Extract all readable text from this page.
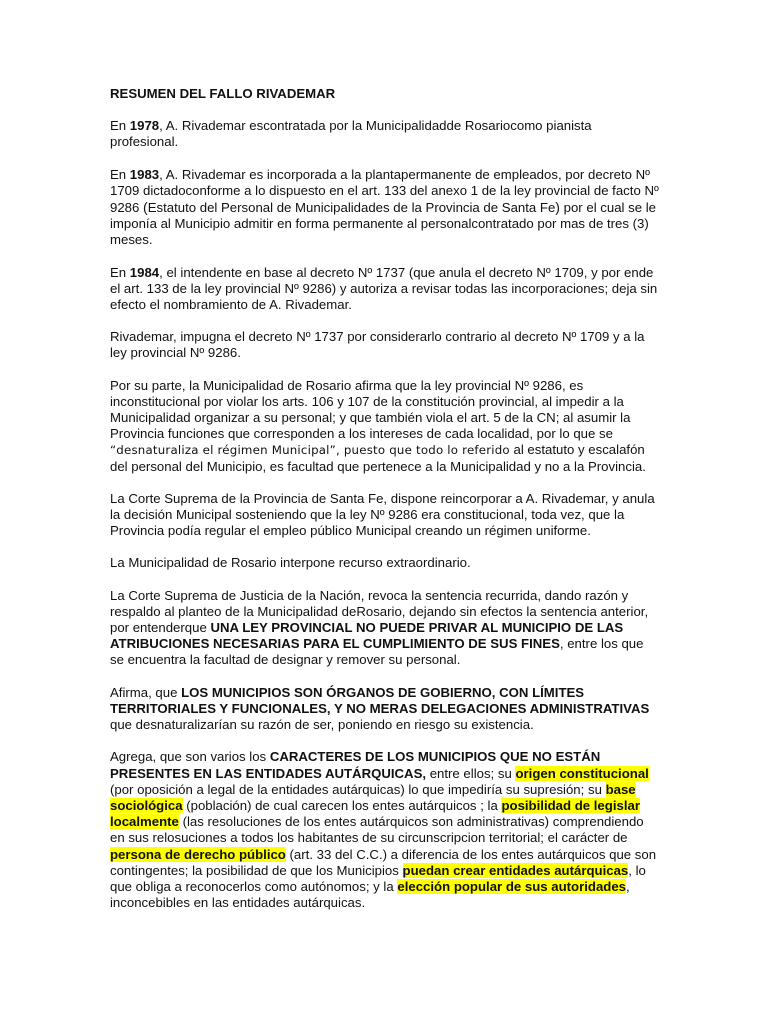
RESUMEN DEL FALLO RIVADEMAR

En 1978, A. Rivademar escontratada por la Municipalidadde Rosariocomo pianista profesional.

En 1983, A. Rivademar es incorporada a la plantapermanente de empleados, por decreto Nº 1709 dictadoconforme a lo dispuesto en el art. 133 del anexo 1 de la ley provincial de facto Nº 9286 (Estatuto del Personal de Municipalidades de la Provincia de Santa Fe) por el cual se le imponía al Municipio admitir en forma permanente al personalcontratado por mas de tres (3) meses.

En 1984, el intendente en base al decreto Nº 1737 (que anula el decreto Nº 1709, y por ende el art. 133 de la ley provincial Nº 9286) y autoriza a revisar todas las incorporaciones; deja sin efecto el nombramiento de A. Rivademar.

Rivademar, impugna el decreto Nº 1737 por considerarlo contrario al decreto Nº 1709 y a la ley provincial Nº 9286.

Por su parte, la Municipalidad de Rosario afirma que la ley provincial Nº 9286, es inconstitucional por violar los arts. 106 y 107 de la constitución provincial, al impedir a la Municipalidad organizar a su personal; y que también viola el art. 5 de la CN; al asumir la Provincia funciones que corresponden a los intereses de cada localidad, por lo que se “desnaturaliza el régimen Municipal”, puesto que todo lo referido al estatuto y escalafón del personal del Municipio, es facultad que pertenece a la Municipalidad y no a la Provincia.

La Corte Suprema de la Provincia de Santa Fe, dispone reincorporar a A. Rivademar, y anula la decisión Municipal sosteniendo que la ley Nº 9286 era constitucional, toda vez, que la Provincia podía regular el empleo público Municipal creando un régimen uniforme.

La Municipalidad de Rosario interpone recurso extraordinario.

La Corte Suprema de Justicia de la Nación, revoca la sentencia recurrida, dando razón y respaldo al planteo de la Municipalidad deRosario, dejando sin efectos la sentencia anterior, por entenderque UNA LEY PROVINCIAL NO PUEDE PRIVAR AL MUNICIPIO DE LAS ATRIBUCIONES NECESARIAS PARA EL CUMPLIMIENTO DE SUS FINES, entre los que se encuentra la facultad de designar y remover su personal.

Afirma, que LOS MUNICIPIOS SON ÓRGANOS DE GOBIERNO, CON LÍMITES TERRITORIALES Y FUNCIONALES, Y NO MERAS DELEGACIONES ADMINISTRATIVAS que desnaturalizarían su razón de ser, poniendo en riesgo su existencia.

Agrega, que son varios los CARACTERES DE LOS MUNICIPIOS QUE NO ESTÁN PRESENTES EN LAS ENTIDADES AUTÁRQUICAS, entre ellos; su origen constitucional (por oposición a legal de la entidades autárquicas) lo que impediría su supresión; su base sociológica (población) de cual carecen los entes autárquicos ; la posibilidad de legislar localmente (las resoluciones de los entes autárquicos son administrativas) comprendiendo en sus relosuciones a todos los habitantes de su circunscripcion territorial; el carácter de persona de derecho público (art. 33 del C.C.) a diferencia de los entes autárquicos que son contingentes; la posibilidad de que los Municipios puedan crear entidades autárquicas, lo que obliga a reconocerlos como autónomos; y la elección popular de sus autoridades, inconcebibles en las entidades autárquicas.
